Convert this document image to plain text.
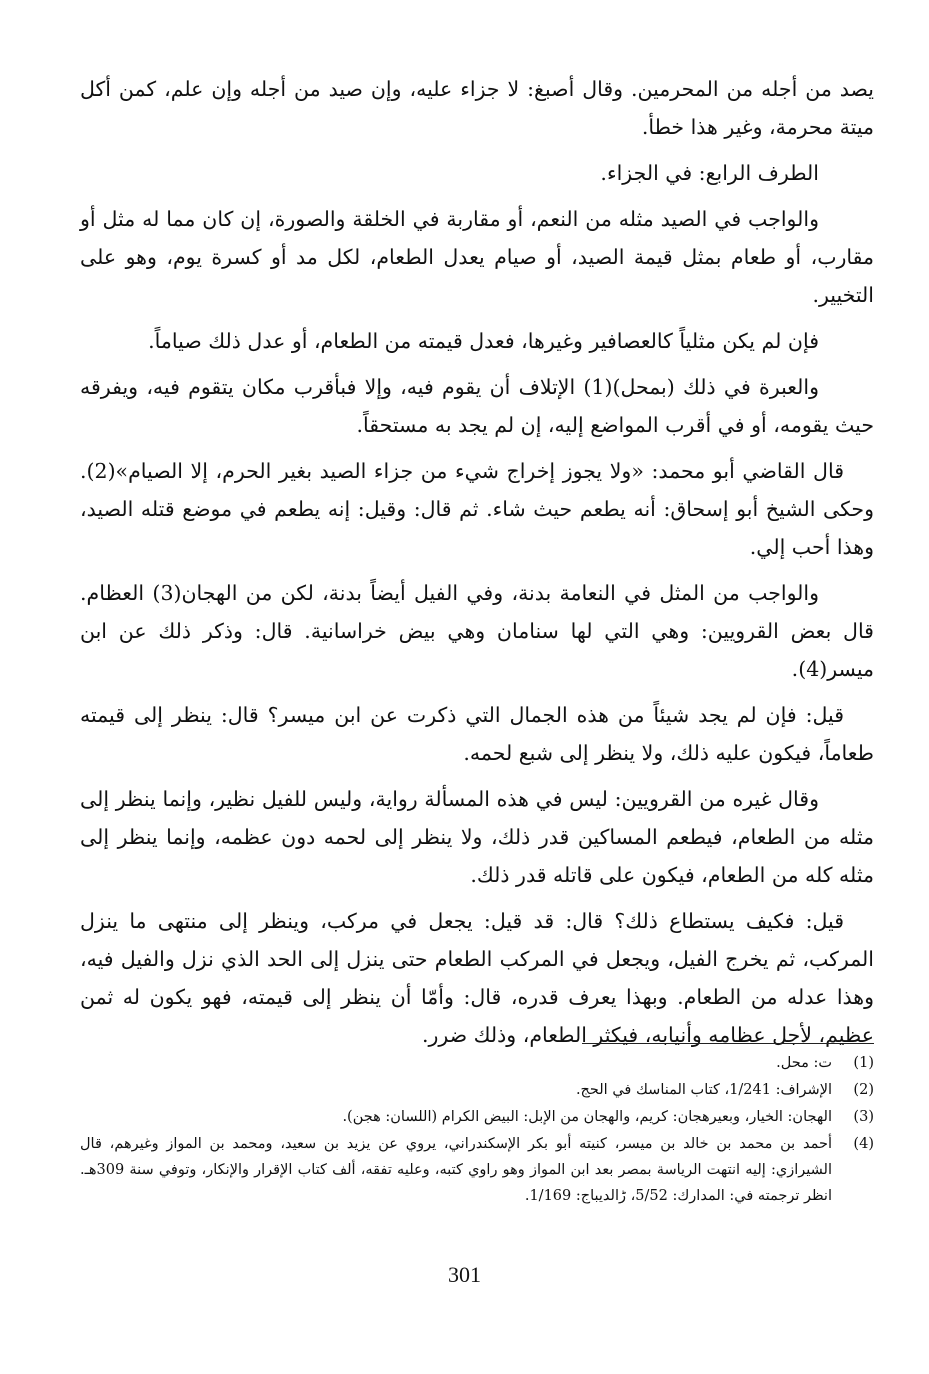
يصد من أجله من المحرمين. وقال أصبغ: لا جزاء عليه، وإن صيد من أجله وإن علم، كمن أكل ميتة محرمة، وغير هذا خطأ.

الطرف الرابع: في الجزاء.

والواجب في الصيد مثله من النعم، أو مقاربة في الخلقة والصورة، إن كان مما له مثل أو مقارب، أو طعام بمثل قيمة الصيد، أو صيام يعدل الطعام، لكل مد أو كسرة يوم، وهو على التخيير.

فإن لم يكن مثلياً كالعصافير وغيرها، فعدل قيمته من الطعام، أو عدل ذلك صياماً.

والعبرة في ذلك (بمحل)(1) الإتلاف أن يقوم فيه، وإلا فبأقرب مكان يتقوم فيه، ويفرقه حيث يقومه، أو في أقرب المواضع إليه، إن لم يجد به مستحقاً.

قال القاضي أبو محمد: «ولا يجوز إخراج شيء من جزاء الصيد بغير الحرم، إلا الصيام»(2). وحكى الشيخ أبو إسحاق: أنه يطعم حيث شاء. ثم قال: وقيل: إنه يطعم في موضع قتله الصيد، وهذا أحب إلي.

والواجب من المثل في النعامة بدنة، وفي الفيل أيضاً بدنة، لكن من الهجان(3) العظام. قال بعض القرويين: وهي التي لها سنامان وهي بيض خراسانية. قال: وذكر ذلك عن ابن ميسر(4).

قيل: فإن لم يجد شيئاً من هذه الجمال التي ذكرت عن ابن ميسر؟ قال: ينظر إلى قيمته طعاماً، فيكون عليه ذلك، ولا ينظر إلى شبع لحمه.

وقال غيره من القرويين: ليس في هذه المسألة رواية، وليس للفيل نظير، وإنما ينظر إلى مثله من الطعام، فيطعم المساكين قدر ذلك، ولا ينظر إلى لحمه دون عظمه، وإنما ينظر إلى مثله كله من الطعام، فيكون على قاتله قدر ذلك.

قيل: فكيف يستطاع ذلك؟ قال: قد قيل: يجعل في مركب، وينظر إلى منتهى ما ينزل المركب، ثم يخرج الفيل، ويجعل في المركب الطعام حتى ينزل إلى الحد الذي نزل والفيل فيه، وهذا عدله من الطعام. وبهذا يعرف قدره، قال: وأمّا أن ينظر إلى قيمته، فهو يكون له ثمن عظيم، لأجل عظامه وأنيابه، فيكثر الطعام، وذلك ضرر.

(1)
ت: محل.
(2)
الإشراف: 1/241، كتاب المناسك في الحج.
(3)
الهجان: الخيار، وبعيرهجان: كريم، والهجان من الإبل: البيض الكرام (اللسان: هجن).
(4)
أحمد بن محمد بن خالد بن ميسر، كنيته أبو بكر الإسكندراني، يروي عن يزيد بن سعيد، ومحمد بن المواز وغيرهم، قال الشيرازي: إليه انتهت الرياسة بمصر بعد ابن المواز وهو راوي كتبه، وعليه تفقه، ألف كتاب الإقرار والإنكار، وتوفي سنة 309هـ. انظر ترجمته في: المدارك: 5/52، ڑالديباج: 1/169.
301
